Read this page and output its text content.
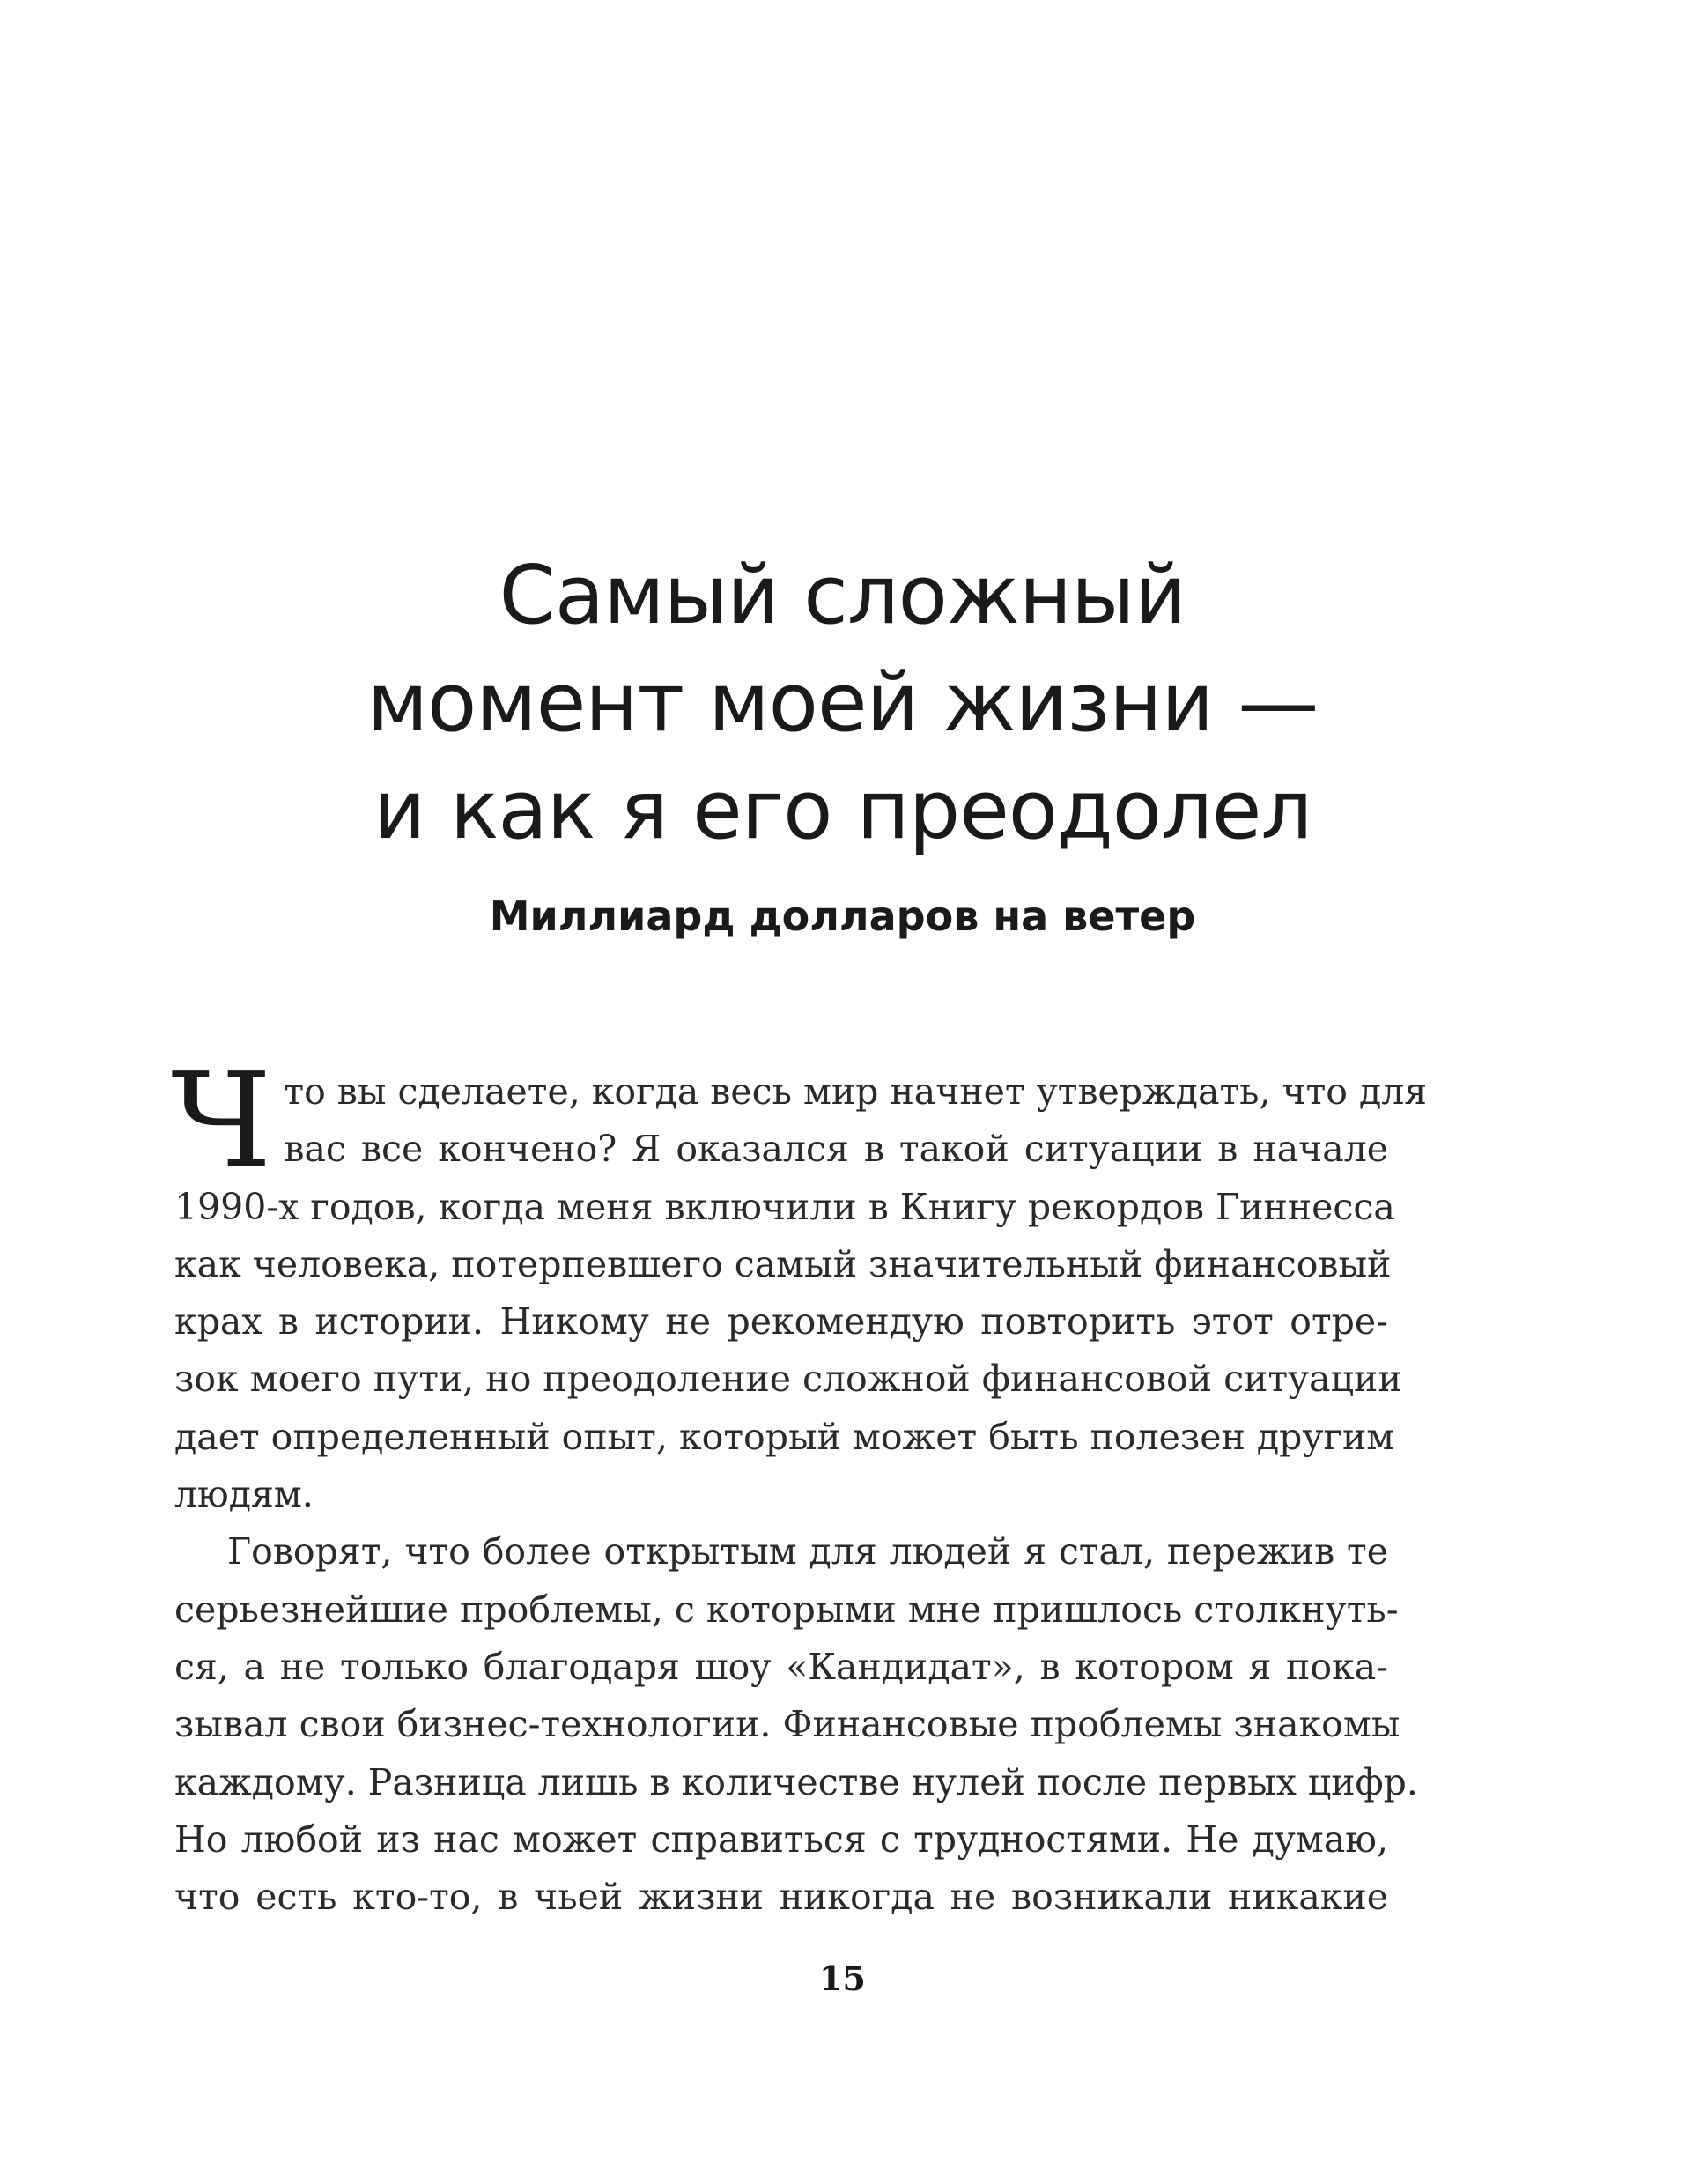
Самый сложный
момент моей жизни —
и как я его преодолел
Миллиард долларов на ветер

Ч то вы сделаете, когда весь мир начнет утверждать, что для
вас все кончено? Я оказался в такой ситуации в начале
1990-х годов, когда меня включили в Книгу рекордов Гиннесса
как человека, потерпевшего самый значительный финансовый
крах в истории. Никому не рекомендую повторить этот отре-
зок моего пути, но преодоление сложной финансовой ситуации
дает определенный опыт, который может быть полезен другим
людям.

Говорят, что более открытым для людей я стал, пережив те
серьезнейшие проблемы, с которыми мне пришлось столкнуть-
ся, а не только благодаря шоу «Кандидат», в котором я пока-
зывал свои бизнес-технологии. Финансовые проблемы знакомы
каждому. Разница лишь в количестве нулей после первых цифр.
Но любой из нас может справиться с трудностями. Не думаю,
что есть кто-то, в чьей жизни никогда не возникали никакие

15
